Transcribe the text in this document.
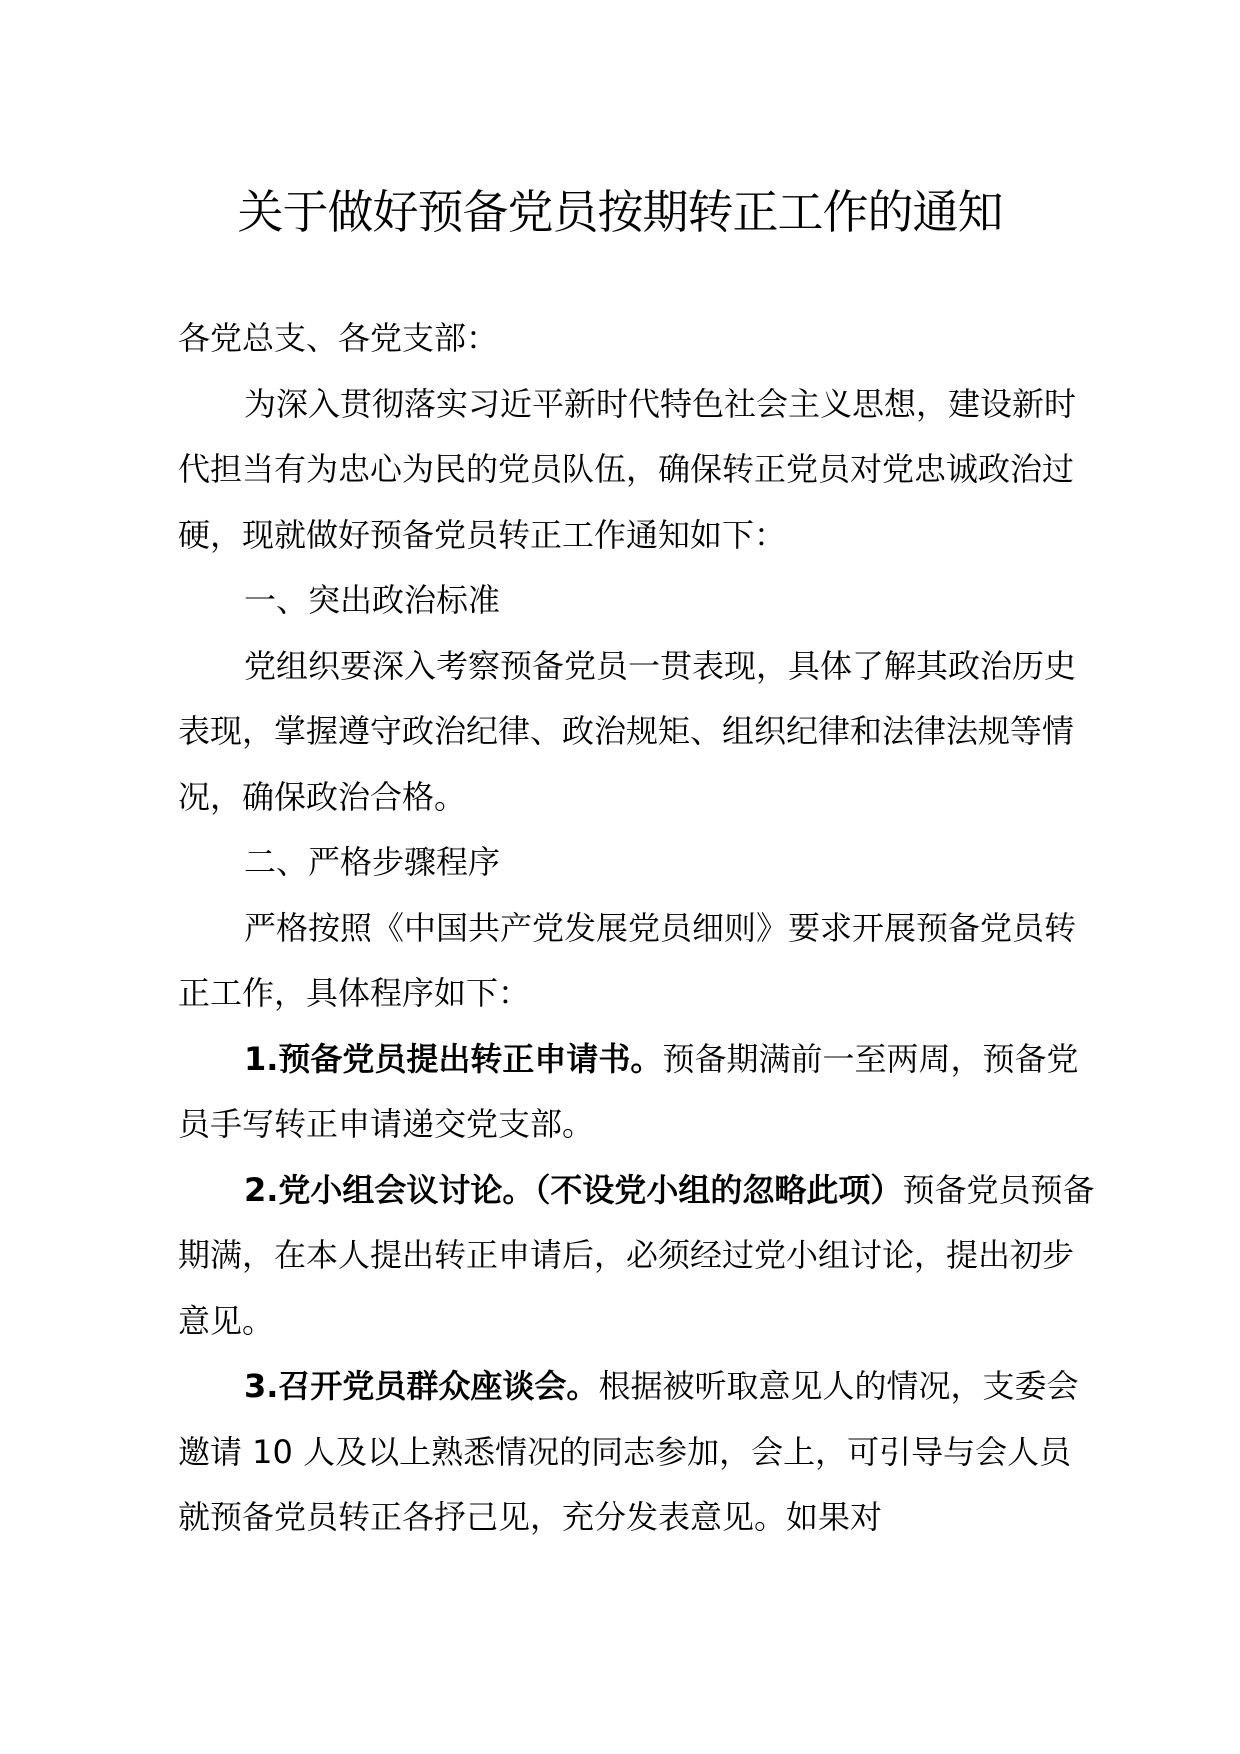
关于做好预备党员按期转正工作的通知

各党总支、各党支部：

为深入贯彻落实习近平新时代特色社会主义思想，建设新时代担当有为忠心为民的党员队伍，确保转正党员对党忠诚政治过硬，现就做好预备党员转正工作通知如下：

一、突出政治标准

党组织要深入考察预备党员一贯表现，具体了解其政治历史表现，掌握遵守政治纪律、政治规矩、组织纪律和法律法规等情况，确保政治合格。

二、严格步骤程序

严格按照《中国共产党发展党员细则》要求开展预备党员转正工作，具体程序如下：

1.预备党员提出转正申请书。预备期满前一至两周，预备党员手写转正申请递交党支部。

2.党小组会议讨论。（不设党小组的忽略此项）预备党员预备期满，在本人提出转正申请后，必须经过党小组讨论，提出初步意见。

3.召开党员群众座谈会。根据被听取意见人的情况，支委会邀请 10 人及以上熟悉情况的同志参加，会上，可引导与会人员就预备党员转正各抒己见，充分发表意见。如果对
